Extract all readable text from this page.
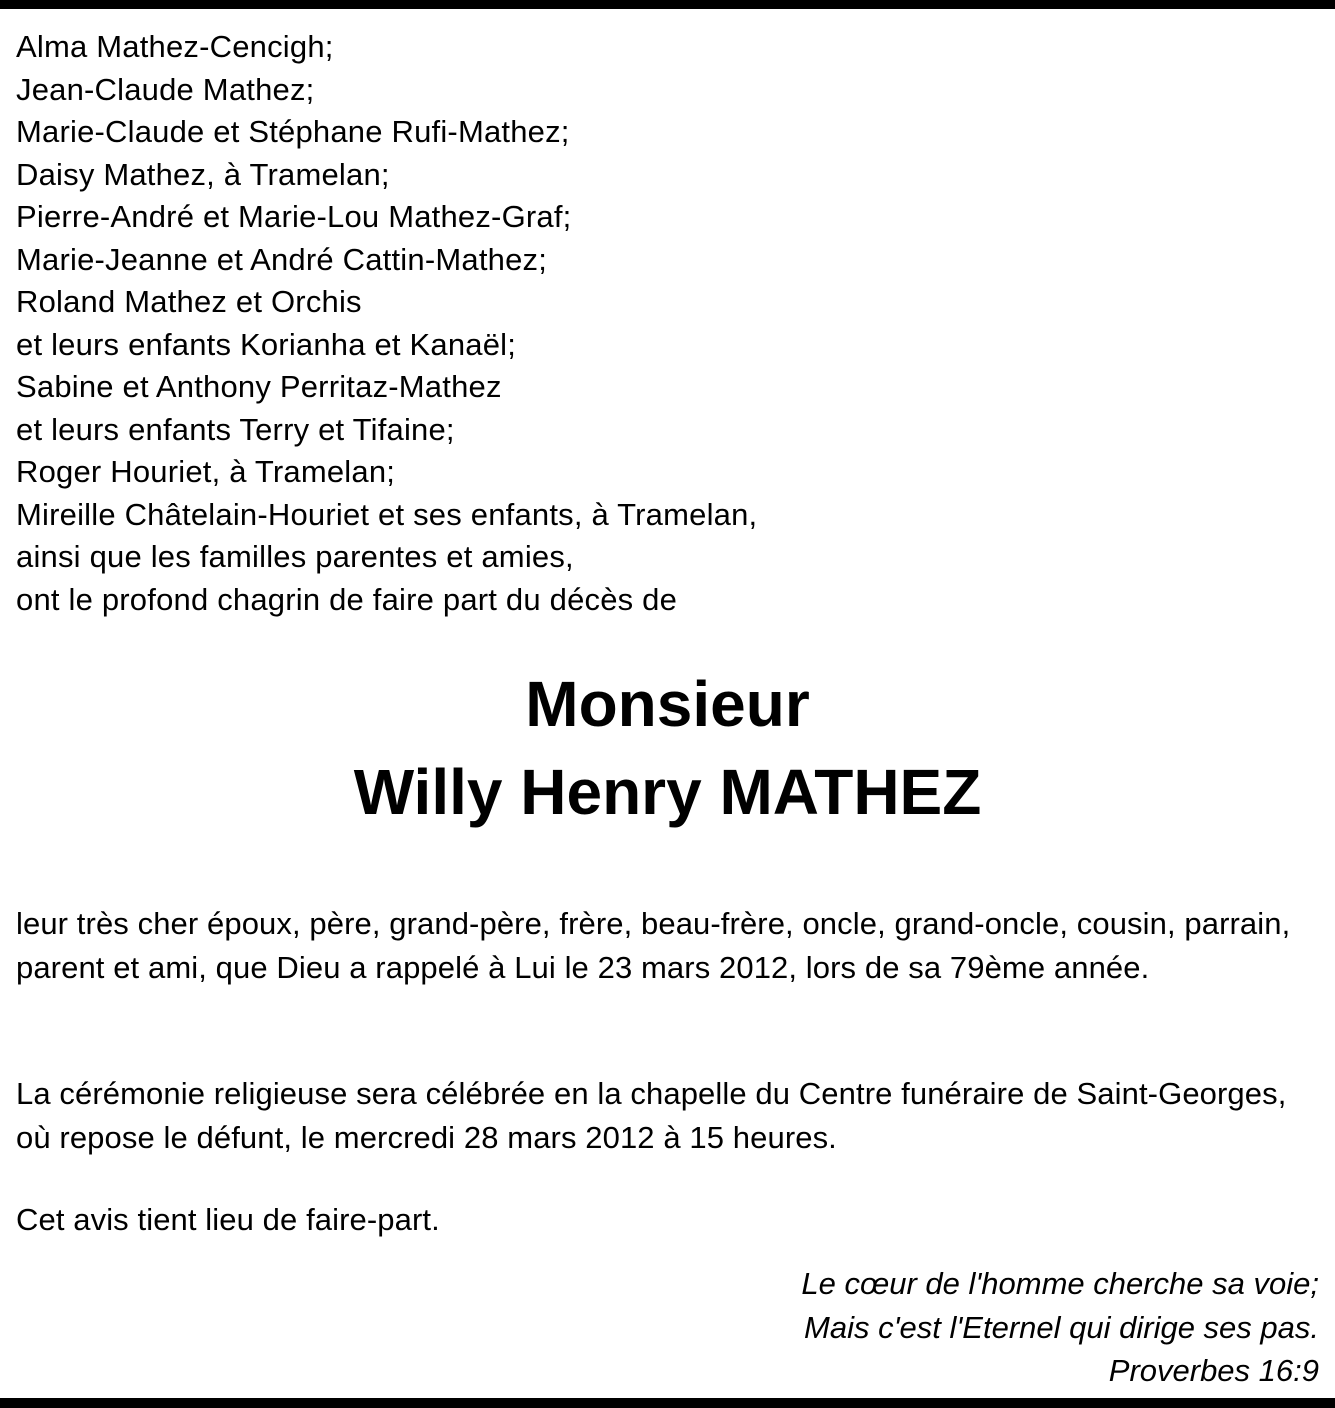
Alma Mathez-Cencigh;
Jean-Claude Mathez;
Marie-Claude et Stéphane Rufi-Mathez;
Daisy Mathez, à Tramelan;
Pierre-André et Marie-Lou Mathez-Graf;
Marie-Jeanne et André Cattin-Mathez;
Roland Mathez et Orchis
et leurs enfants Korianha et Kanaël;
Sabine et Anthony Perritaz-Mathez
et leurs enfants Terry et Tifaine;
Roger Houriet, à Tramelan;
Mireille Châtelain-Houriet et ses enfants, à Tramelan,
ainsi que les familles parentes et amies,
ont le profond chagrin de faire part du décès de
Monsieur
Willy Henry MATHEZ

leur très cher époux, père, grand-père, frère, beau-frère, oncle, grand-oncle, cousin, parrain, parent et ami, que Dieu a rappelé à Lui le 23 mars 2012, lors de sa 79ème année.

La cérémonie religieuse sera célébrée en la chapelle du Centre funéraire de Saint-Georges, où repose le défunt, le mercredi 28 mars 2012 à 15 heures.

Cet avis tient lieu de faire-part.

Le cœur de l'homme cherche sa voie;
Mais c'est l'Eternel qui dirige ses pas.
Proverbes 16:9
